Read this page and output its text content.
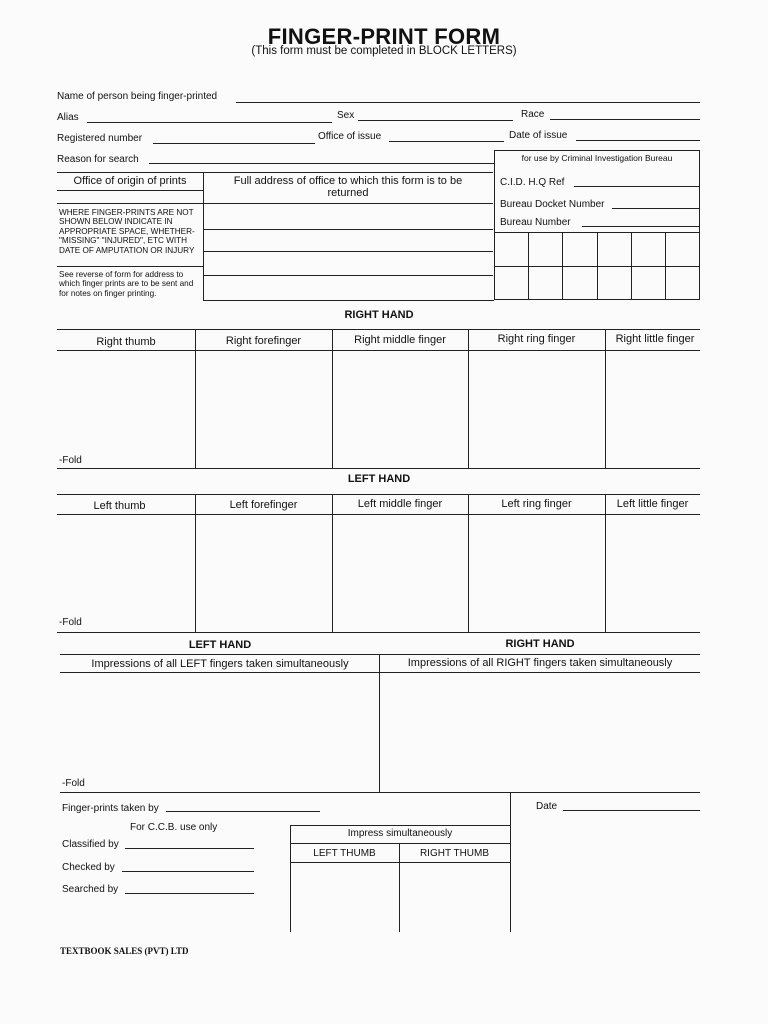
FINGER-PRINT FORM
(This form must be completed in BLOCK LETTERS)
Name of person being finger-printed
Alias	Sex	Race
Registered number	Office of issue	Date of issue
Reason for search
Office of origin of prints
WHERE FINGER-PRINTS ARE NOT SHOWN BELOW INDICATE IN APPROPRIATE SPACE, WHETHER- "MISSING" "INJURED", ETC WITH DATE OF AMPUTATION OR INJURY
See reverse of form for address to which finger prints are to be sent and for notes on finger printing.
Full address of office to which this form is to be returned
for use by Criminal Investigation Bureau
C.I.D. H.Q Ref
Bureau Docket Number
Bureau Number
RIGHT HAND
Right thumb	Right forefinger	Right middle finger	Right ring finger	Right little finger
-Fold
LEFT HAND
Left thumb	Left forefinger	Left middle finger	Left ring finger	Left little finger
-Fold
LEFT HAND	RIGHT HAND
Impressions of all LEFT fingers taken simultaneously	Impressions of all RIGHT fingers taken simultaneously
-Fold
Finger-prints taken by	Date
For C.C.B. use only
Classified by
Checked by
Searched by
Impress simultaneously
LEFT THUMB	RIGHT THUMB
TEXTBOOK SALES (PVT) LTD
